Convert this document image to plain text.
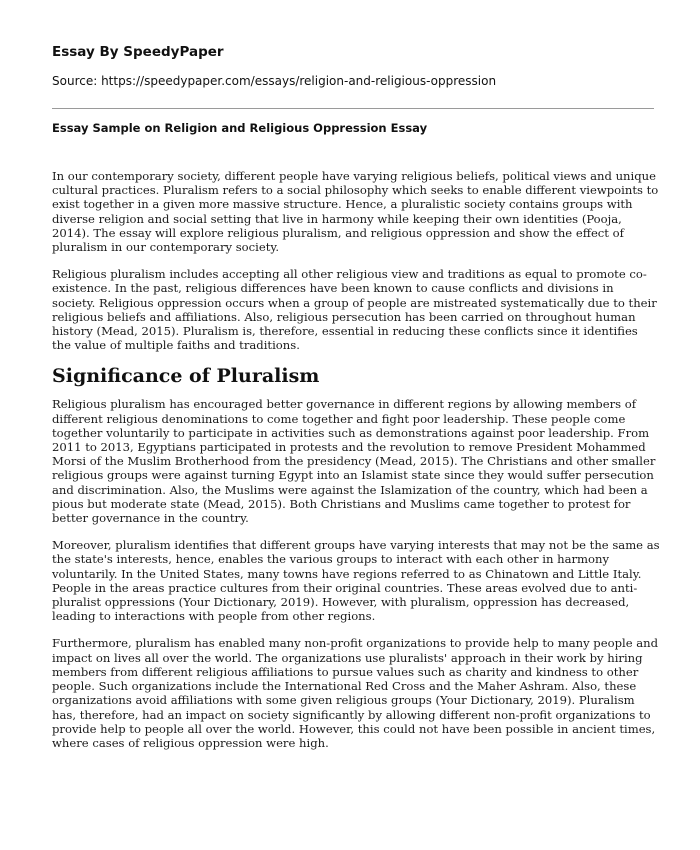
Essay By SpeedyPaper
Source: https://speedypaper.com/essays/religion-and-religious-oppression
Essay Sample on Religion and Religious Oppression Essay

In our contemporary society, different people have varying religious beliefs, political views and unique cultural practices. Pluralism refers to a social philosophy which seeks to enable different viewpoints to exist together in a given more massive structure. Hence, a pluralistic society contains groups with diverse religion and social setting that live in harmony while keeping their own identities (Pooja, 2014). The essay will explore religious pluralism, and religious oppression and show the effect of pluralism in our contemporary society.

Religious pluralism includes accepting all other religious view and traditions as equal to promote co-existence. In the past, religious differences have been known to cause conflicts and divisions in society. Religious oppression occurs when a group of people are mistreated systematically due to their religious beliefs and affiliations. Also, religious persecution has been carried on throughout human history (Mead, 2015). Pluralism is, therefore, essential in reducing these conflicts since it identifies the value of multiple faiths and traditions.

Significance of Pluralism

Religious pluralism has encouraged better governance in different regions by allowing members of different religious denominations to come together and fight poor leadership. These people come together voluntarily to participate in activities such as demonstrations against poor leadership. From 2011 to 2013, Egyptians participated in protests and the revolution to remove President Mohammed Morsi of the Muslim Brotherhood from the presidency (Mead, 2015). The Christians and other smaller religious groups were against turning Egypt into an Islamist state since they would suffer persecution and discrimination. Also, the Muslims were against the Islamization of the country, which had been a pious but moderate state (Mead, 2015). Both Christians and Muslims came together to protest for better governance in the country.

Moreover, pluralism identifies that different groups have varying interests that may not be the same as the state's interests, hence, enables the various groups to interact with each other in harmony voluntarily. In the United States, many towns have regions referred to as Chinatown and Little Italy. People in the areas practice cultures from their original countries. These areas evolved due to anti-pluralist oppressions (Your Dictionary, 2019). However, with pluralism, oppression has decreased, leading to interactions with people from other regions.

Furthermore, pluralism has enabled many non-profit organizations to provide help to many people and impact on lives all over the world. The organizations use pluralists' approach in their work by hiring members from different religious affiliations to pursue values such as charity and kindness to other people. Such organizations include the International Red Cross and the Maher Ashram. Also, these organizations avoid affiliations with some given religious groups (Your Dictionary, 2019). Pluralism has, therefore, had an impact on society significantly by allowing different non-profit organizations to provide help to people all over the world. However, this could not have been possible in ancient times, where cases of religious oppression were high.
